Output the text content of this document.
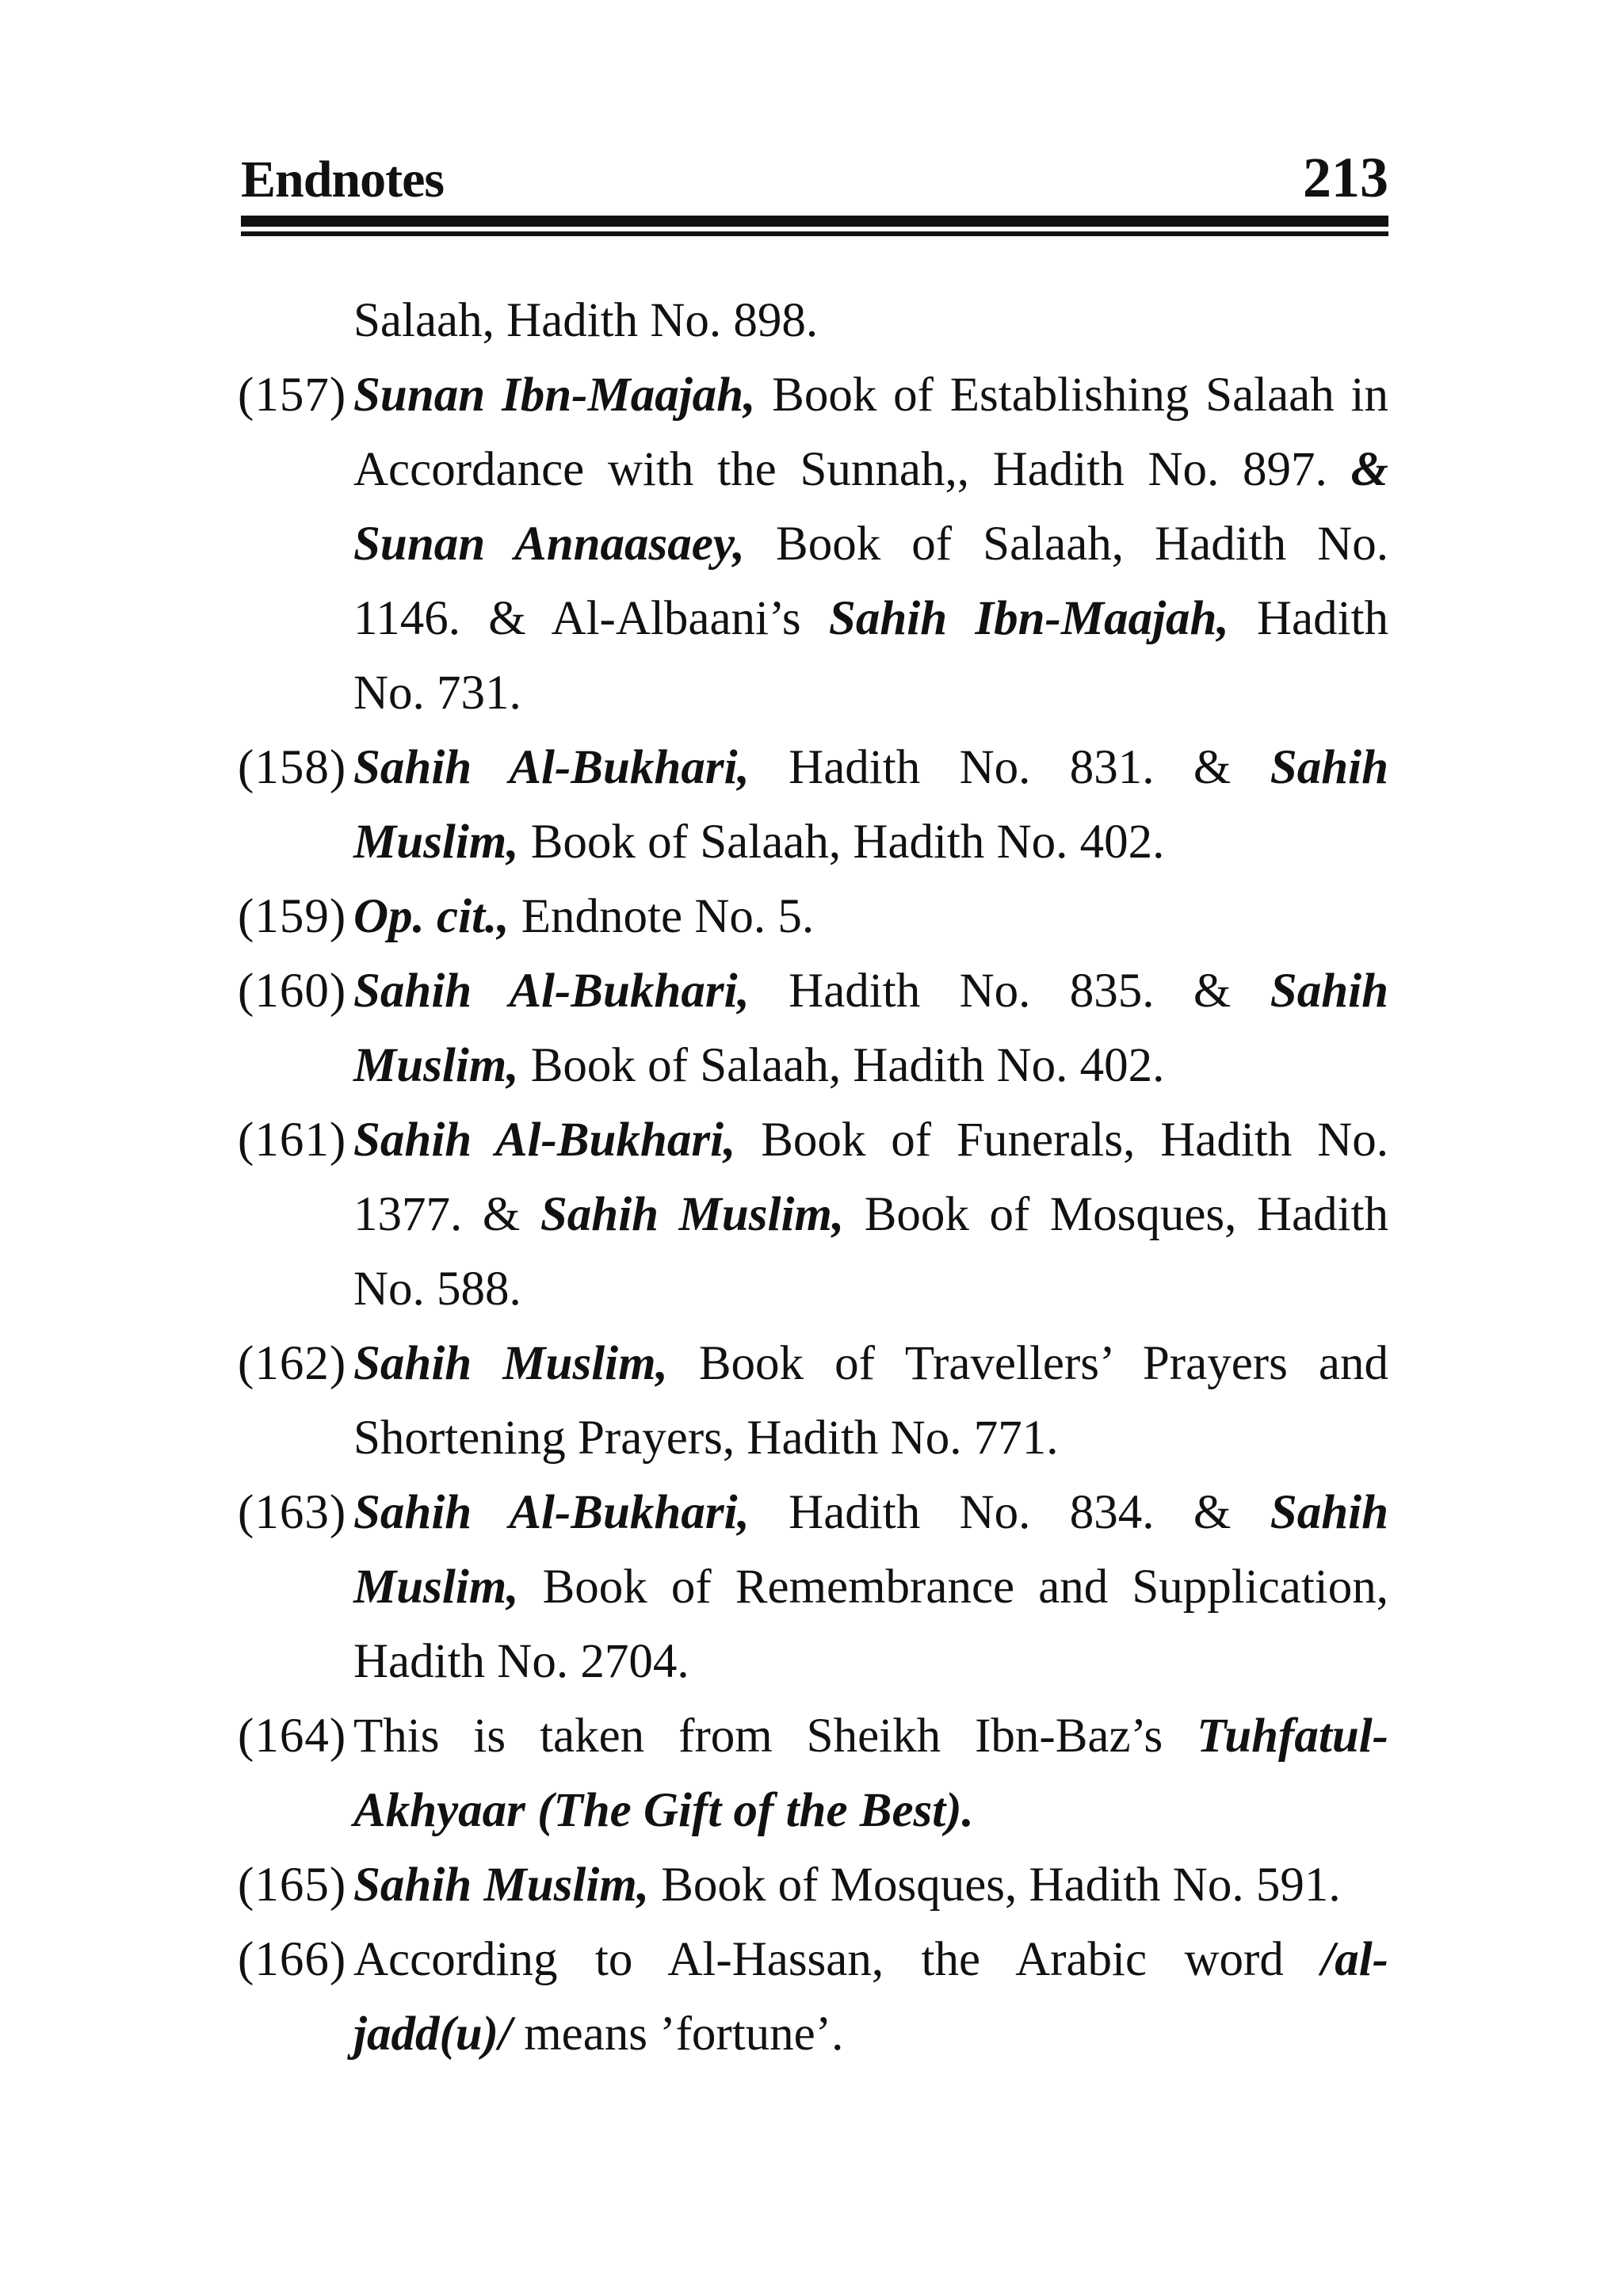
Endnotes	213
Salaah, Hadith No. 898.
(157) Sunan Ibn-Maajah, Book of Establishing Salaah in Accordance with the Sunnah,, Hadith No. 897. & Sunan Annaasaey, Book of Salaah, Hadith No. 1146. & Al-Albaani’s Sahih Ibn-Maajah, Hadith No. 731.
(158) Sahih Al-Bukhari, Hadith No. 831. & Sahih Muslim, Book of Salaah, Hadith No. 402.
(159) Op. cit., Endnote No. 5.
(160) Sahih Al-Bukhari, Hadith No. 835. & Sahih Muslim, Book of Salaah, Hadith No. 402.
(161) Sahih Al-Bukhari, Book of Funerals, Hadith No. 1377. & Sahih Muslim, Book of Mosques, Hadith No. 588.
(162) Sahih Muslim, Book of Travellers’ Prayers and Shortening Prayers, Hadith No. 771.
(163) Sahih Al-Bukhari, Hadith No. 834. & Sahih Muslim, Book of Remembrance and Supplication, Hadith No. 2704.
(164) This is taken from Sheikh Ibn-Baz’s Tuhfatul-Akhyaar (The Gift of the Best).
(165) Sahih Muslim, Book of Mosques, Hadith No. 591.
(166) According to Al-Hassan, the Arabic word /al-jadd(u)/ means ’fortune’.
